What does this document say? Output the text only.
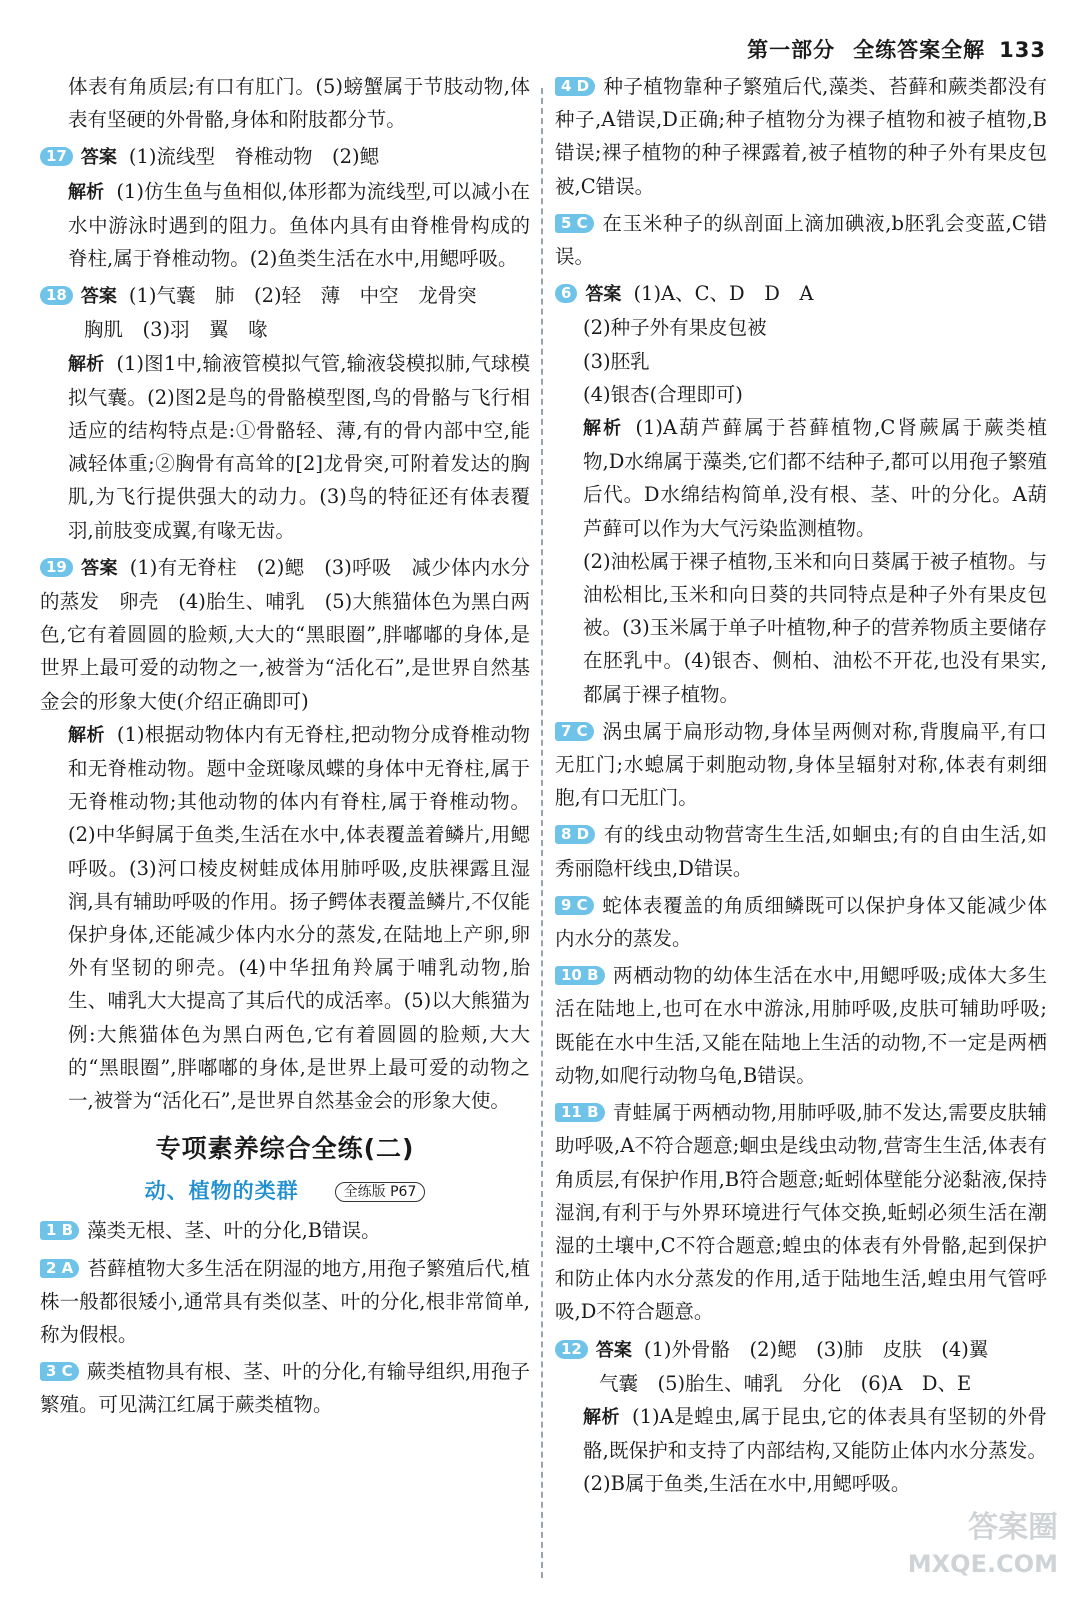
第一部分 全练答案全解 133
体表有角质层;有口有肛门。(5)螃蟹属于节肢动物,体表有坚硬的外骨骼,身体和附肢都分节。
17 答案 (1)流线型　脊椎动物　(2)鳃
解析 (1)仿生鱼与鱼相似,体形都为流线型,可以减小在水中游泳时遇到的阻力。鱼体内具有由脊椎骨构成的脊柱,属于脊椎动物。(2)鱼类生活在水中,用鳃呼吸。
18 答案 (1)气囊　肺　(2)轻　薄　中空　龙骨突
胸肌　(3)羽　翼　喙
解析 (1)图1中,输液管模拟气管,输液袋模拟肺,气球模拟气囊。(2)图2是鸟的骨骼模型图,鸟的骨骼与飞行相适应的结构特点是:①骨骼轻、薄,有的骨内部中空,能减轻体重;②胸骨有高耸的[2]龙骨突,可附着发达的胸肌,为飞行提供强大的动力。(3)鸟的特征还有体表覆羽,前肢变成翼,有喙无齿。
19 答案 (1)有无脊柱　(2)鳃　(3)呼吸　减少体内水分的蒸发　卵壳　(4)胎生、哺乳　(5)大熊猫体色为黑白两色,它有着圆圆的脸颊,大大的“黑眼圈”,胖嘟嘟的身体,是世界上最可爱的动物之一,被誉为“活化石”,是世界自然基金会的形象大使(介绍正确即可)
解析 (1)根据动物体内有无脊柱,把动物分成脊椎动物和无脊椎动物。题中金斑喙凤蝶的身体中无脊柱,属于无脊椎动物;其他动物的体内有脊柱,属于脊椎动物。(2)中华鲟属于鱼类,生活在水中,体表覆盖着鳞片,用鳃呼吸。(3)河口棱皮树蛙成体用肺呼吸,皮肤裸露且湿润,具有辅助呼吸的作用。扬子鳄体表覆盖鳞片,不仅能保护身体,还能减少体内水分的蒸发,在陆地上产卵,卵外有坚韧的卵壳。(4)中华扭角羚属于哺乳动物,胎生、哺乳大大提高了其后代的成活率。(5)以大熊猫为例:大熊猫体色为黑白两色,它有着圆圆的脸颊,大大的“黑眼圈”,胖嘟嘟的身体,是世界上最可爱的动物之一,被誉为“活化石”,是世界自然基金会的形象大使。
专项素养综合全练(二)
动、植物的类群	全练版 P67
1 B 藻类无根、茎、叶的分化,B错误。
2 A 苔藓植物大多生活在阴湿的地方,用孢子繁殖后代,植株一般都很矮小,通常具有类似茎、叶的分化,根非常简单,称为假根。
3 C 蕨类植物具有根、茎、叶的分化,有输导组织,用孢子繁殖。可见满江红属于蕨类植物。
4 D 种子植物靠种子繁殖后代,藻类、苔藓和蕨类都没有种子,A错误,D正确;种子植物分为裸子植物和被子植物,B错误;裸子植物的种子裸露着,被子植物的种子外有果皮包被,C错误。
5 C 在玉米种子的纵剖面上滴加碘液,b胚乳会变蓝,C错误。
6 答案 (1)A、C、D　D　A
(2)种子外有果皮包被
(3)胚乳
(4)银杏(合理即可)
解析 (1)A葫芦藓属于苔藓植物,C肾蕨属于蕨类植物,D水绵属于藻类,它们都不结种子,都可以用孢子繁殖后代。D水绵结构简单,没有根、茎、叶的分化。A葫芦藓可以作为大气污染监测植物。
(2)油松属于裸子植物,玉米和向日葵属于被子植物。与油松相比,玉米和向日葵的共同特点是种子外有果皮包被。(3)玉米属于单子叶植物,种子的营养物质主要储存在胚乳中。(4)银杏、侧柏、油松不开花,也没有果实,都属于裸子植物。
7 C 涡虫属于扁形动物,身体呈两侧对称,背腹扁平,有口无肛门;水螅属于刺胞动物,身体呈辐射对称,体表有刺细胞,有口无肛门。
8 D 有的线虫动物营寄生生活,如蛔虫;有的自由生活,如秀丽隐杆线虫,D错误。
9 C 蛇体表覆盖的角质细鳞既可以保护身体又能减少体内水分的蒸发。
10 B 两栖动物的幼体生活在水中,用鳃呼吸;成体大多生活在陆地上,也可在水中游泳,用肺呼吸,皮肤可辅助呼吸;既能在水中生活,又能在陆地上生活的动物,不一定是两栖动物,如爬行动物乌龟,B错误。
11 B 青蛙属于两栖动物,用肺呼吸,肺不发达,需要皮肤辅助呼吸,A不符合题意;蛔虫是线虫动物,营寄生生活,体表有角质层,有保护作用,B符合题意;蚯蚓体壁能分泌黏液,保持湿润,有利于与外界环境进行气体交换,蚯蚓必须生活在潮湿的土壤中,C不符合题意;蝗虫的体表有外骨骼,起到保护和防止体内水分蒸发的作用,适于陆地生活,蝗虫用气管呼吸,D不符合题意。
12 答案 (1)外骨骼　(2)鳃　(3)肺　皮肤　(4)翼
气囊　(5)胎生、哺乳　分化　(6)A　D、E
解析 (1)A是蝗虫,属于昆虫,它的体表具有坚韧的外骨骼,既保护和支持了内部结构,又能防止体内水分蒸发。(2)B属于鱼类,生活在水中,用鳃呼吸。
答案圈
MXQE.COM
